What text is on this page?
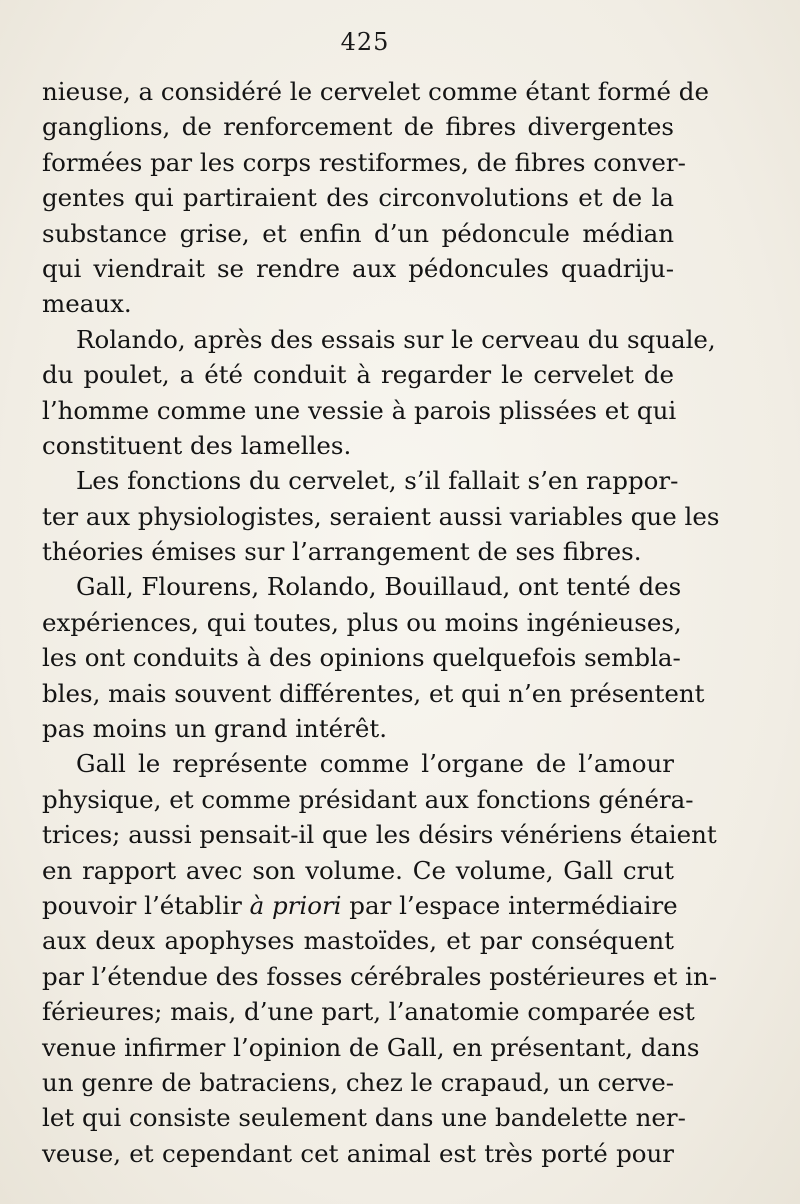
425
nieuse, a considéré le cervelet comme étant formé de
ganglions, de renforcement de fibres divergentes
formées par les corps restiformes, de fibres conver-
gentes qui partiraient des circonvolutions et de la
substance grise, et enfin d’un pédoncule médian
qui viendrait se rendre aux pédoncules quadriju-
meaux.
Rolando, après des essais sur le cerveau du squale,
du poulet, a été conduit à regarder le cervelet de
l’homme comme une vessie à parois plissées et qui
constituent des lamelles.
Les fonctions du cervelet, s’il fallait s’en rappor-
ter aux physiologistes, seraient aussi variables que les
théories émises sur l’arrangement de ses fibres.
Gall, Flourens, Rolando, Bouillaud, ont tenté des
expériences, qui toutes, plus ou moins ingénieuses,
les ont conduits à des opinions quelquefois sembla-
bles, mais souvent différentes, et qui n’en présentent
pas moins un grand intérêt.
Gall le représente comme l’organe de l’amour
physique, et comme présidant aux fonctions généra-
trices; aussi pensait-il que les désirs vénériens étaient
en rapport avec son volume. Ce volume, Gall crut
pouvoir l’établir à priori par l’espace intermédiaire
aux deux apophyses mastoïdes, et par conséquent
par l’étendue des fosses cérébrales postérieures et in-
férieures; mais, d’une part, l’anatomie comparée est
venue infirmer l’opinion de Gall, en présentant, dans
un genre de batraciens, chez le crapaud, un cerve-
let qui consiste seulement dans une bandelette ner-
veuse, et cependant cet animal est très porté pour
